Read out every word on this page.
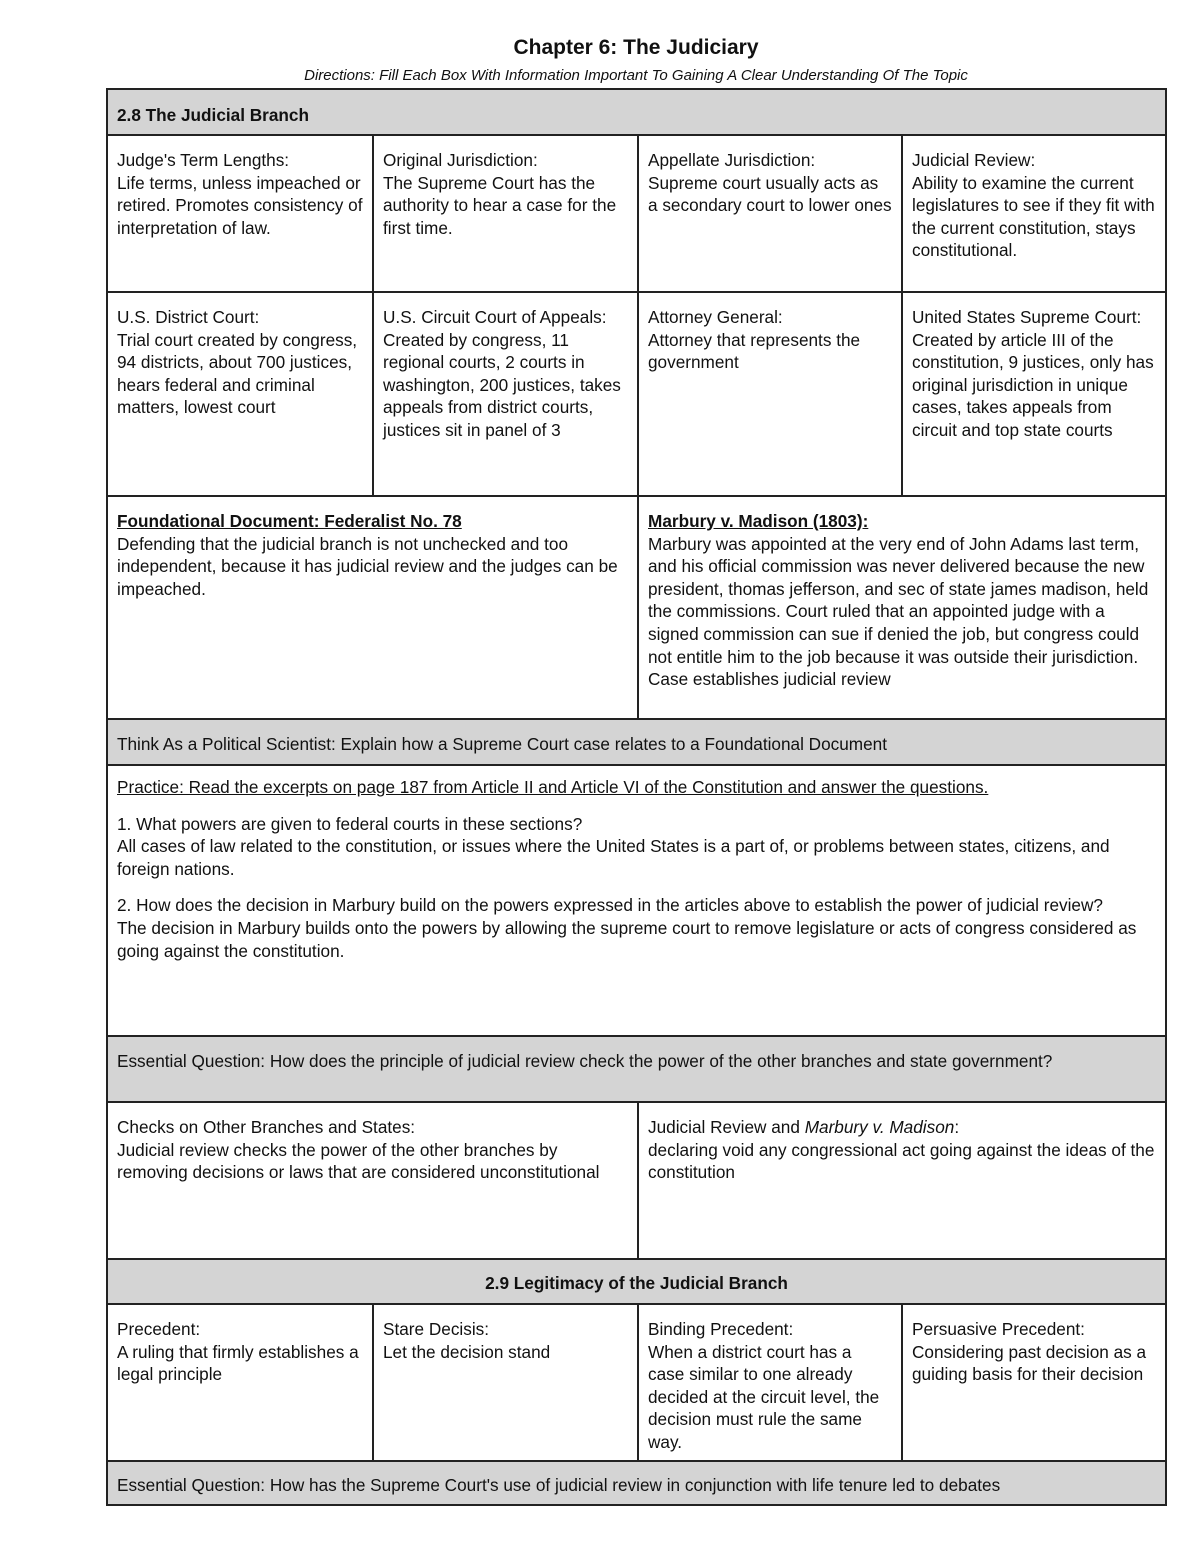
Chapter 6: The Judiciary
Directions: Fill Each Box With Information Important To Gaining A Clear Understanding Of The Topic
2.8 The Judicial Branch
Judge's Term Lengths:
Life terms, unless impeached or retired. Promotes consistency of interpretation of law.
Original Jurisdiction:
The Supreme Court has the authority to hear a case for the first time.
Appellate Jurisdiction:
Supreme court usually acts as a secondary court to lower ones
Judicial Review:
Ability to examine the current legislatures to see if they fit with the current constitution, stays constitutional.
U.S. District Court:
Trial court created by congress, 94 districts, about 700 justices, hears federal and criminal matters, lowest court
U.S. Circuit Court of Appeals:
Created by congress, 11 regional courts, 2 courts in washington, 200 justices, takes appeals from district courts, justices sit in panel of 3
Attorney General:
Attorney that represents the government
United States Supreme Court:
Created by article III of the constitution, 9 justices, only has original jurisdiction in unique cases, takes appeals from circuit and top state courts
Foundational Document: Federalist No. 78
Defending that the judicial branch is not unchecked and too independent, because it has judicial review and the judges can be impeached.
Marbury v. Madison (1803):
Marbury was appointed at the very end of John Adams last term, and his official commission was never delivered because the new president, thomas jefferson, and sec of state james madison, held the commissions. Court ruled that an appointed judge with a signed commission can sue if denied the job, but congress could not entitle him to the job because it was outside their jurisdiction.
Case establishes judicial review
Think As a Political Scientist: Explain how a Supreme Court case relates to a Foundational Document
Practice: Read the excerpts on page 187 from Article II and Article VI of the Constitution and answer the questions.
1. What powers are given to federal courts in these sections?
All cases of law related to the constitution, or issues where the United States is a part of, or problems between states, citizens, and foreign nations.
2. How does the decision in Marbury build on the powers expressed in the articles above to establish the power of judicial review?
The decision in Marbury builds onto the powers by allowing the supreme court to remove legislature or acts of congress considered as going against the constitution.
Essential Question: How does the principle of judicial review check the power of the other branches and state government?
Checks on Other Branches and States:
Judicial review checks the power of the other branches by removing decisions or laws that are considered unconstitutional
Judicial Review and Marbury v. Madison:
declaring void any congressional act going against the ideas of the constitution
2.9 Legitimacy of the Judicial Branch
Precedent:
A ruling that firmly establishes a legal principle
Stare Decisis:
Let the decision stand
Binding Precedent:
When a district court has a case similar to one already decided at the circuit level, the decision must rule the same way.
Persuasive Precedent:
Considering past decision as a guiding basis for their decision
Essential Question: How has the Supreme Court's use of judicial review in conjunction with life tenure led to debates
